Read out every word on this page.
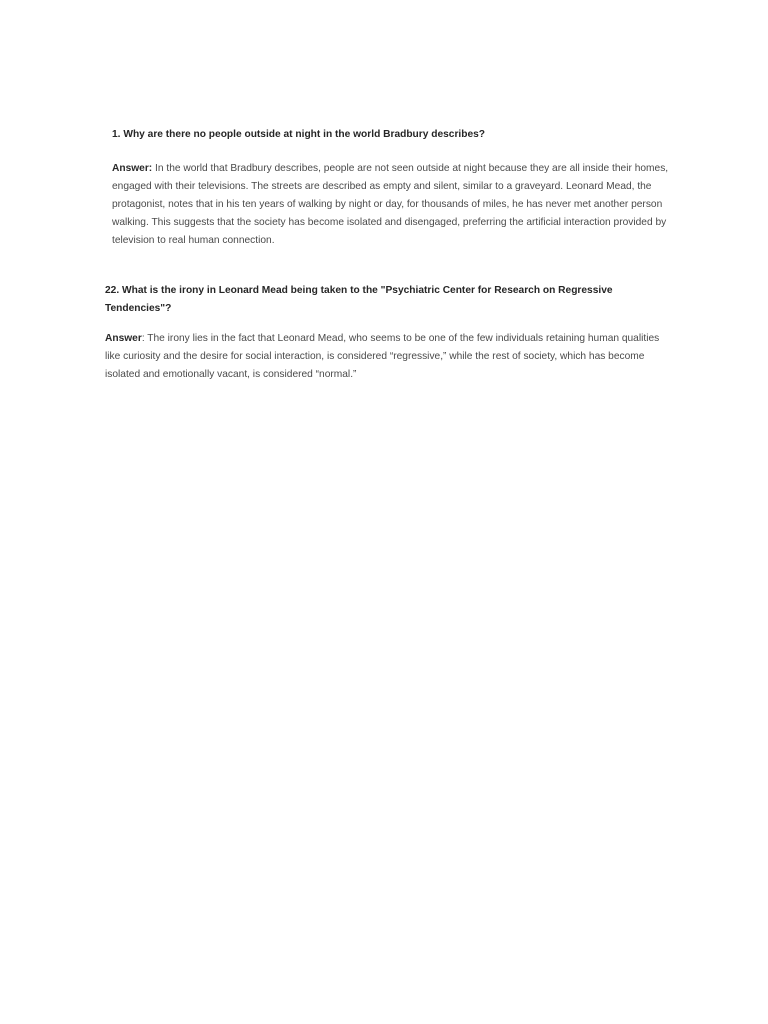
1. Why are there no people outside at night in the world Bradbury describes?

Answer: In the world that Bradbury describes, people are not seen outside at night because they are all inside their homes, engaged with their televisions. The streets are described as empty and silent, similar to a graveyard. Leonard Mead, the protagonist, notes that in his ten years of walking by night or day, for thousands of miles, he has never met another person walking. This suggests that the society has become isolated and disengaged, preferring the artificial interaction provided by television to real human connection.

22. What is the irony in Leonard Mead being taken to the "Psychiatric Center for Research on Regressive Tendencies"?

Answer: The irony lies in the fact that Leonard Mead, who seems to be one of the few individuals retaining human qualities like curiosity and the desire for social interaction, is considered “regressive,” while the rest of society, which has become isolated and emotionally vacant, is considered “normal.”
